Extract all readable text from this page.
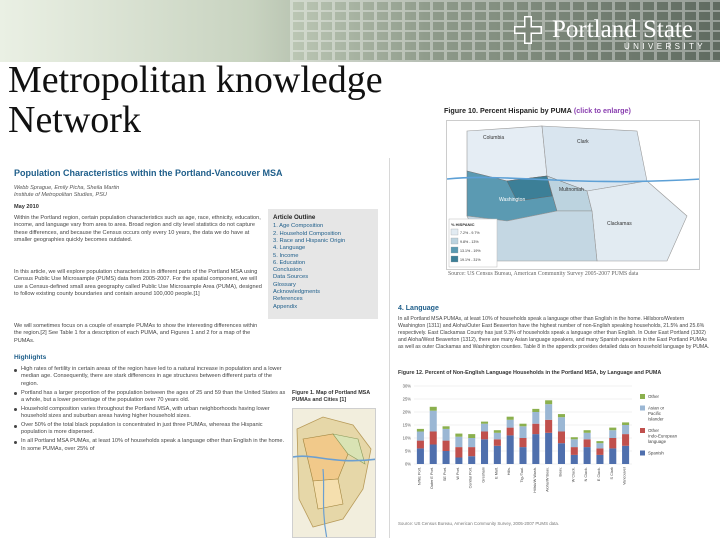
Portland State
UNIVERSITY
Metropolitan knowledge Network
Population Characteristics within the Portland-Vancouver MSA
Webb Sprague, Emily Picha, Sheila Martin
Institute of Metropolitan Studies, PSU
May 2010
Within the Portland region, certain population characteristics such as age, race, ethnicity, education, income, and language vary from area to area. Broad region and city level statistics do not capture these differences, and because the Census occurs only every 10 years, the data we do have at smaller geographies quickly becomes outdated.
In this article, we will explore population characteristics in different parts of the Portland MSA using Census Public Use Microsample (PUMS) data from 2005-2007. For the spatial component, we will use a Census-defined small area geography called Public Use Microsample Area (PUMA), designed to follow existing county boundaries and contain around 100,000 people.[1]
We will sometimes focus on a couple of example PUMAs to show the interesting differences within the region.[2] See Table 1 for a description of each PUMA, and Figures 1 and 2 for a map of the PUMAs.
Article Outline
1. Age Composition
2. Household Composition
3. Race and Hispanic Origin
4. Language
5. Income
6. Education
Conclusion
Data Sources
Glossary
Acknowledgments
References
Appendix
Highlights
High rates of fertility in certain areas of the region have led to a natural increase in population and a lower median age. Consequently, there are stark differences in age structures between different parts of the region.
Portland has a larger proportion of the population between the ages of 25 and 59 than the United States as a whole, but a lower percentage of the population over 70 years old.
Household composition varies throughout the Portland MSA, with urban neighborhoods having lower household sizes and suburban areas having higher household sizes.
Over 50% of the total black population is concentrated in just three PUMAs, whereas the Hispanic population is more dispersed.
In all Portland MSA PUMAs, at least 10% of households speak a language other than English in the home. In some PUMAs, over 25% of
Figure 1. Map of Portland MSA PUMAs and Cities [1]
Figure 10. Percent Hispanic by PUMA (click to enlarge)
Columbia
Clark
Washington
Multnomah
Clackamas
% HISPANIC
7.2% - 9.7%
9.8% - 13%
13.1% - 19%
19.1% - 31%
Source: US Census Bureau, American Community Survey 2005-2007 PUMS data
4. Language
In all Portland MSA PUMAs, at least 10% of households speak a language other than English in the home. Hillsboro/Western Washington (1311) and Aloha/Outer East Beaverton have the highest number of non-English speaking households, 21.5% and 25.6% respectively. East Clackamas County has just 9.3% of households speak a language other than English. In Outer East Portland (1302) and Aloha/West Beaverton (1312), there are many Asian language speakers, and many Spanish speakers in the East Portland PUMAs as well as outer Clackamas and Washington counties. Table 8 in the appendix provides detailed data on household language by PUMA.
Figure 12. Percent of Non-English Language Households in the Portland MSA, by Language and PUMA
0%
5%
10%
15%
20%
25%
30%
N/NE Port. Outer E Port. SE Port. W Port. Central Port. Gresham E Mult. Hills. Tig./Tual. Hillsb/W Wash. Aloha/W Beav. Beav. W Clack. N Clack. E Clack. S Clark Vancouver
Other
Asian or
Pacific
Islander
Other
Indo-European
language
Spanish
Source: US Census Bureau, American Community Survey, 2005-2007 PUMS data.
